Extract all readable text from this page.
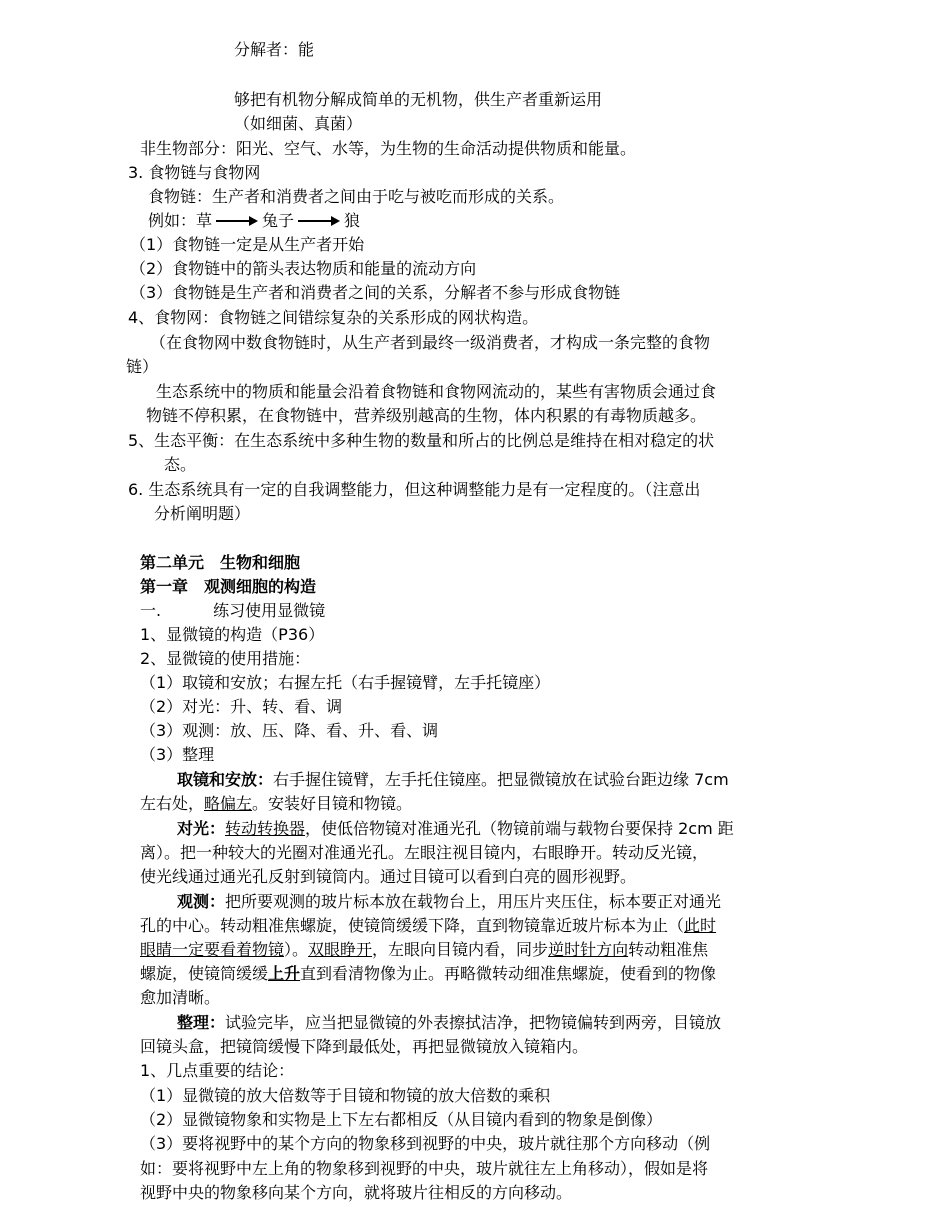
分解者：能
够把有机物分解成简单的无机物，供生产者重新运用
（如细菌、真菌）
非生物部分：阳光、空气、水等，为生物的生命活动提供物质和能量。
3. 食物链与食物网
食物链：生产者和消费者之间由于吃与被吃而形成的关系。
例如：草	兔子	狼
（1）食物链一定是从生产者开始
（2）食物链中的箭头表达物质和能量的流动方向
（3）食物链是生产者和消费者之间的关系，分解者不参与形成食物链
4、食物网：食物链之间错综复杂的关系形成的网状构造。
（在食物网中数食物链时，从生产者到最终一级消费者，才构成一条完整的食物
链）
生态系统中的物质和能量会沿着食物链和食物网流动的，某些有害物质会通过食
物链不停积累，在食物链中，营养级别越高的生物，体内积累的有毒物质越多。
5、生态平衡：在生态系统中多种生物的数量和所占的比例总是维持在相对稳定的状
态。
6. 生态系统具有一定的自我调整能力，但这种调整能力是有一定程度的。（注意出
分析阐明题）
第二单元　生物和细胞
第一章　观测细胞的构造
一.	练习使用显微镜
1、显微镜的构造（P36）
2、显微镜的使用措施：
（1）取镜和安放；右握左托（右手握镜臂，左手托镜座）
（2）对光：升、转、看、调
（3）观测：放、压、降、看、升、看、调
（3）整理
取镜和安放：右手握住镜臂，左手托住镜座。把显微镜放在试验台距边缘 7cm
左右处，略偏左。安装好目镜和物镜。
对光：转动转换器，使低倍物镜对准通光孔（物镜前端与载物台要保持 2cm 距
离）。把一种较大的光圈对准通光孔。左眼注视目镜内，右眼睁开。转动反光镜，
使光线通过通光孔反射到镜筒内。通过目镜可以看到白亮的圆形视野。
观测：把所要观测的玻片标本放在载物台上，用压片夹压住，标本要正对通光
孔的中心。转动粗准焦螺旋，使镜筒缓缓下降，直到物镜靠近玻片标本为止（此时
眼睛一定要看着物镜）。双眼睁开，左眼向目镜内看，同步逆时针方向转动粗准焦
螺旋，使镜筒缓缓上升直到看清物像为止。再略微转动细准焦螺旋，使看到的物像
愈加清晰。
整理：试验完毕，应当把显微镜的外表擦拭洁净，把物镜偏转到两旁，目镜放
回镜头盒，把镜筒缓慢下降到最低处，再把显微镜放入镜箱内。
1、几点重要的结论：
（1）显微镜的放大倍数等于目镜和物镜的放大倍数的乘积
（2）显微镜物象和实物是上下左右都相反（从目镜内看到的物象是倒像）
（3）要将视野中的某个方向的物象移到视野的中央，玻片就往那个方向移动（例
如：要将视野中左上角的物象移到视野的中央，玻片就往左上角移动），假如是将
视野中央的物象移向某个方向，就将玻片往相反的方向移动。
